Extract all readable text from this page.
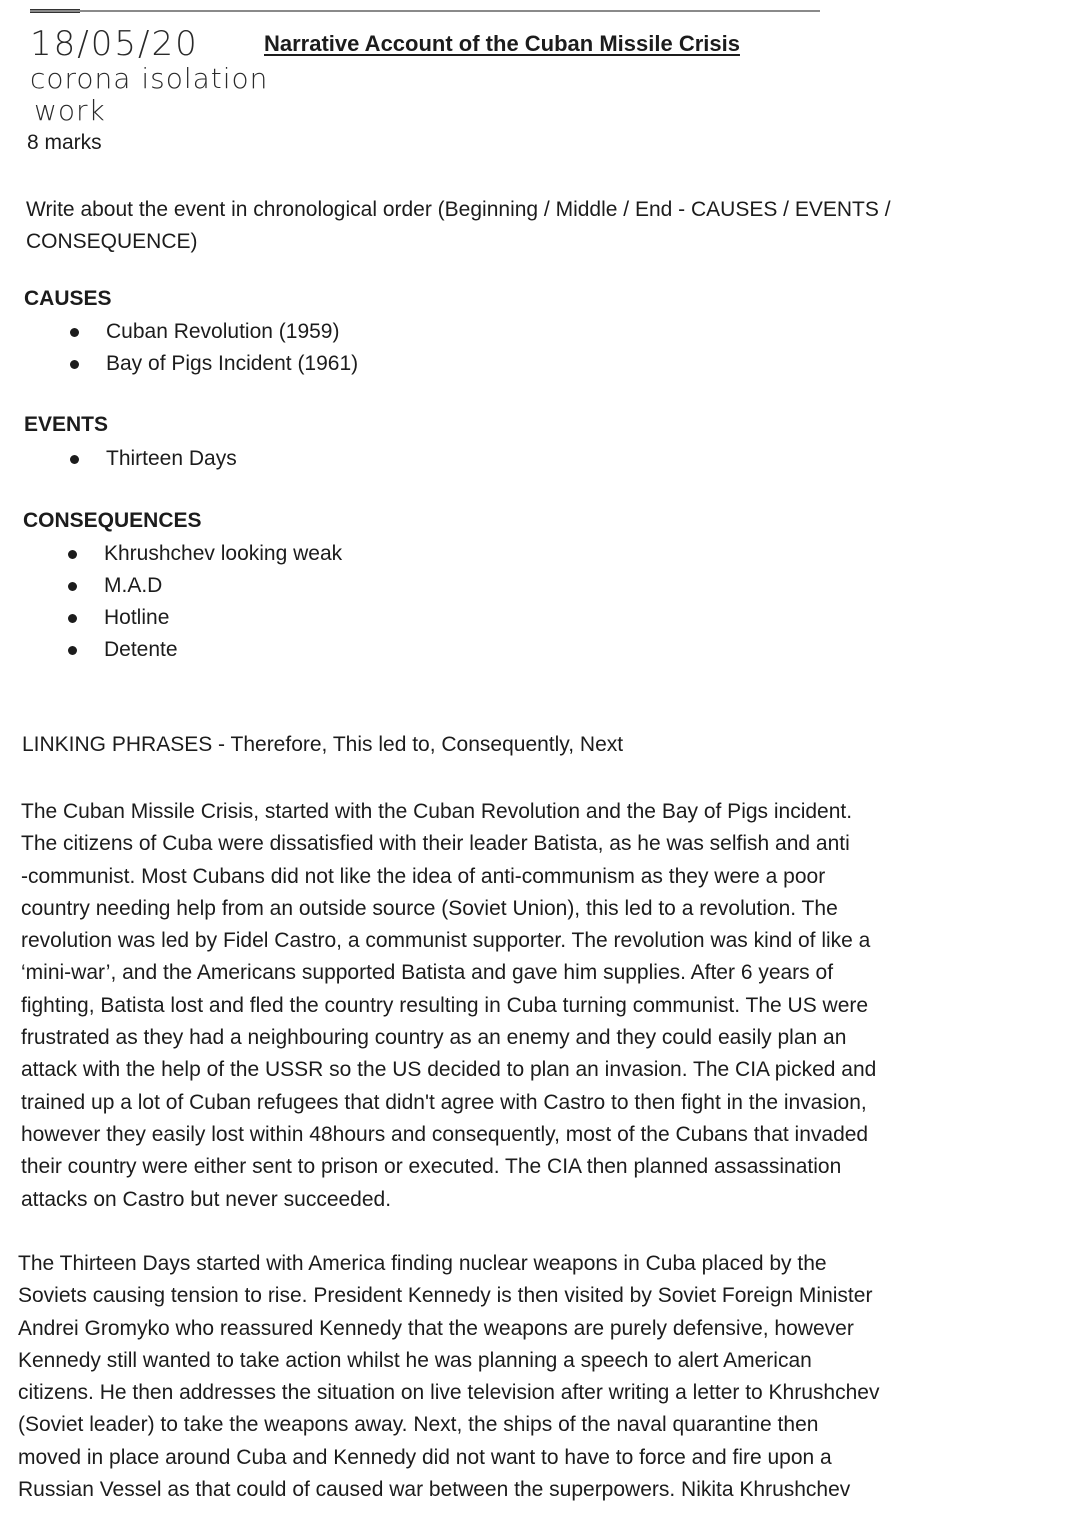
18/05/20
corona isolation
work
Narrative Account of the Cuban Missile Crisis
8 marks
Write about the event in chronological order (Beginning / Middle / End - CAUSES / EVENTS / CONSEQUENCE)
CAUSES
Cuban Revolution (1959)
Bay of Pigs Incident (1961)
EVENTS
Thirteen Days
CONSEQUENCES
Khrushchev looking weak
M.A.D
Hotline
Detente
LINKING PHRASES - Therefore, This led to, Consequently, Next
The Cuban Missile Crisis, started with the Cuban Revolution and the Bay of Pigs incident.
The citizens of Cuba were dissatisfied with their leader Batista, as he was selfish and anti
-communist. Most Cubans did not like the idea of anti-communism as they were a poor
country needing help from an outside source (Soviet Union), this led to a revolution. The
revolution was led by Fidel Castro, a communist supporter. The revolution was kind of like a
‘mini-war’, and the Americans supported Batista and gave him supplies. After 6 years of
fighting, Batista lost and fled the country resulting in Cuba turning communist. The US were
frustrated as they had a neighbouring country as an enemy and they could easily plan an
attack with the help of the USSR so the US decided to plan an invasion. The CIA picked and
trained up a lot of Cuban refugees that didn't agree with Castro to then fight in the invasion,
however they easily lost within 48hours and consequently, most of the Cubans that invaded
their country were either sent to prison or executed. The CIA then planned assassination
attacks on Castro but never succeeded.
The Thirteen Days started with America finding nuclear weapons in Cuba placed by the
Soviets causing tension to rise. President Kennedy is then visited by Soviet Foreign Minister
Andrei Gromyko who reassured Kennedy that the weapons are purely defensive, however
Kennedy still wanted to take action whilst he was planning a speech to alert American
citizens. He then addresses the situation on live television after writing a letter to Khrushchev
(Soviet leader) to take the weapons away. Next, the ships of the naval quarantine then
moved in place around Cuba and Kennedy did not want to have to force and fire upon a
Russian Vessel as that could of caused war between the superpowers. Nikita Khrushchev
